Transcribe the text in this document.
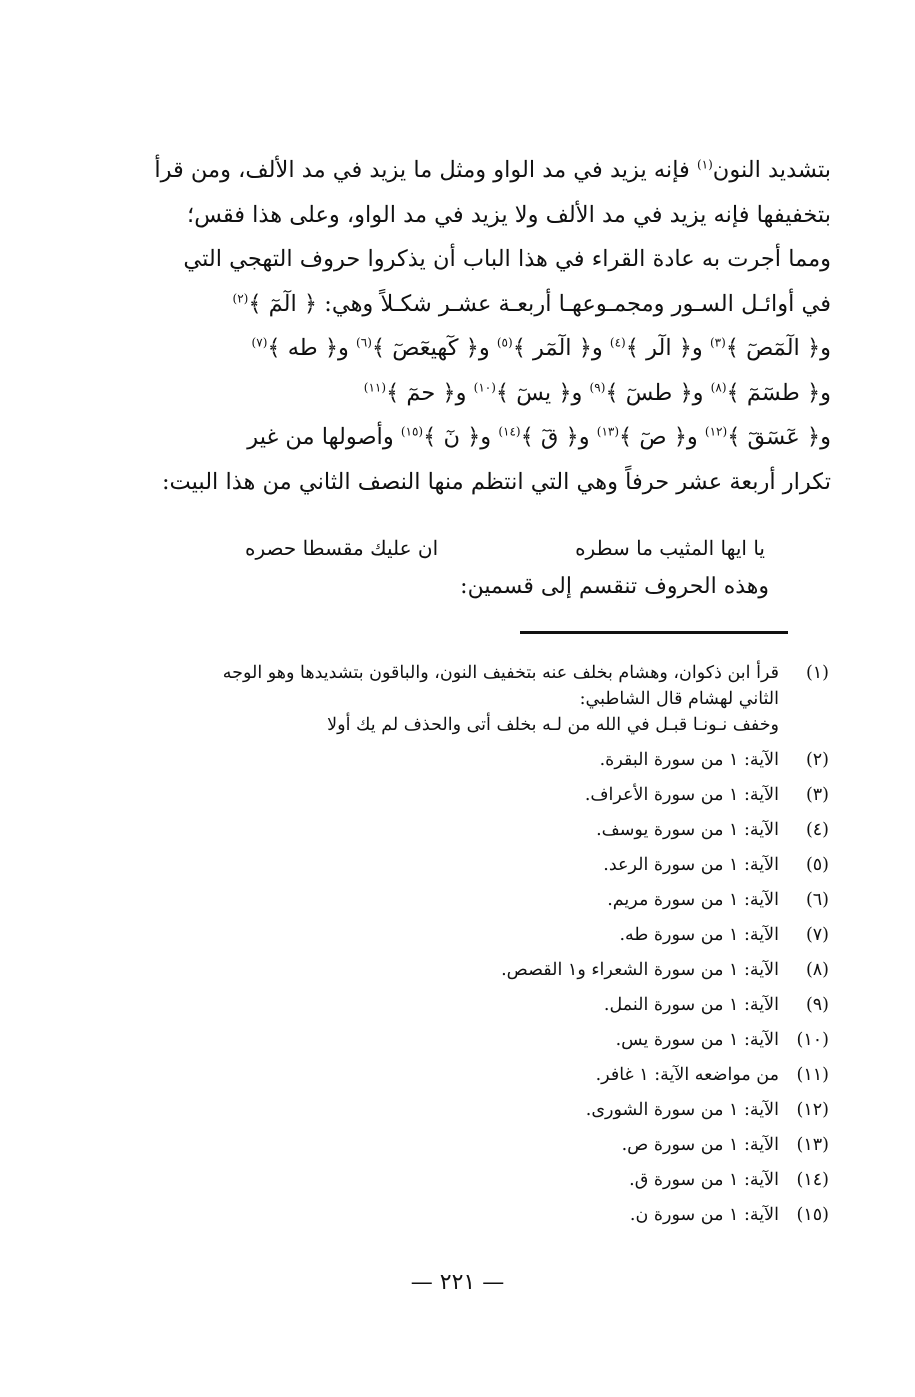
بتشديد النون$^{(١)}$ فإنه يزيد في مد الواو ومثل ما يزيد في مد الألف، ومن قرأ
بتخفيفها فإنه يزيد في مد الألف ولا يزيد في مد الواو، وعلى هذا فقس؛
ومما أجرت به عادة القراء في هذا الباب أن يذكروا حروف التهجي التي
في أوائـل السـور ومجمـوعهـا أربعـة عشـر شكـلاً وهي: ﴿ الٓمٓ ﴾$^{(٢)}$
و﴿ الٓمٓصٓ ﴾$^{(٣)}$ و﴿ الٓر ﴾$^{(٤)}$ و﴿ الٓمٓر ﴾$^{(٥)}$ و﴿ كٓهيعٓصٓ ﴾$^{(٦)}$ و﴿ طه ﴾$^{(٧)}$
و﴿ طسٓمٓ ﴾$^{(٨)}$ و﴿ طسٓ ﴾$^{(٩)}$ و﴿ يسٓ ﴾$^{(١٠)}$ و﴿ حمٓ ﴾$^{(١١)}$
و﴿ عٓسٓقٓ ﴾$^{(١٢)}$ و﴿ صٓ ﴾$^{(١٣)}$ و﴿ قٓ ﴾$^{(١٤)}$ و﴿ نٓ ﴾$^{(١٥)}$ وأصولها من غير
تكرار أربعة عشر حرفاً وهي التي انتظم منها النصف الثاني من هذا البيت:
يا ايها المثيب ما سطره
ان عليك مقسطا حصره
وهذه الحروف تنقسم إلى قسمين:
(١)
قرأ ابن ذكوان، وهشام بخلف عنه بتخفيف النون، والباقون بتشديدها وهو الوجه
الثاني لهشام قال الشاطبي:
وخفف نـونـا قبـل في الله من لـه بخلف أتى والحذف لم يك أولا
(٢)
الآية: ١ من سورة البقرة.
(٣)
الآية: ١ من سورة الأعراف.
(٤)
الآية: ١ من سورة يوسف.
(٥)
الآية: ١ من سورة الرعد.
(٦)
الآية: ١ من سورة مريم.
(٧)
الآية: ١ من سورة طه.
(٨)
الآية: ١ من سورة الشعراء و١ القصص.
(٩)
الآية: ١ من سورة النمل.
(١٠)
الآية: ١ من سورة يس.
(١١)
من مواضعه الآية: ١ غافر.
(١٢)
الآية: ١ من سورة الشورى.
(١٣)
الآية: ١ من سورة ص.
(١٤)
الآية: ١ من سورة ق.
(١٥)
الآية: ١ من سورة ن.
— ٢٢١ —
